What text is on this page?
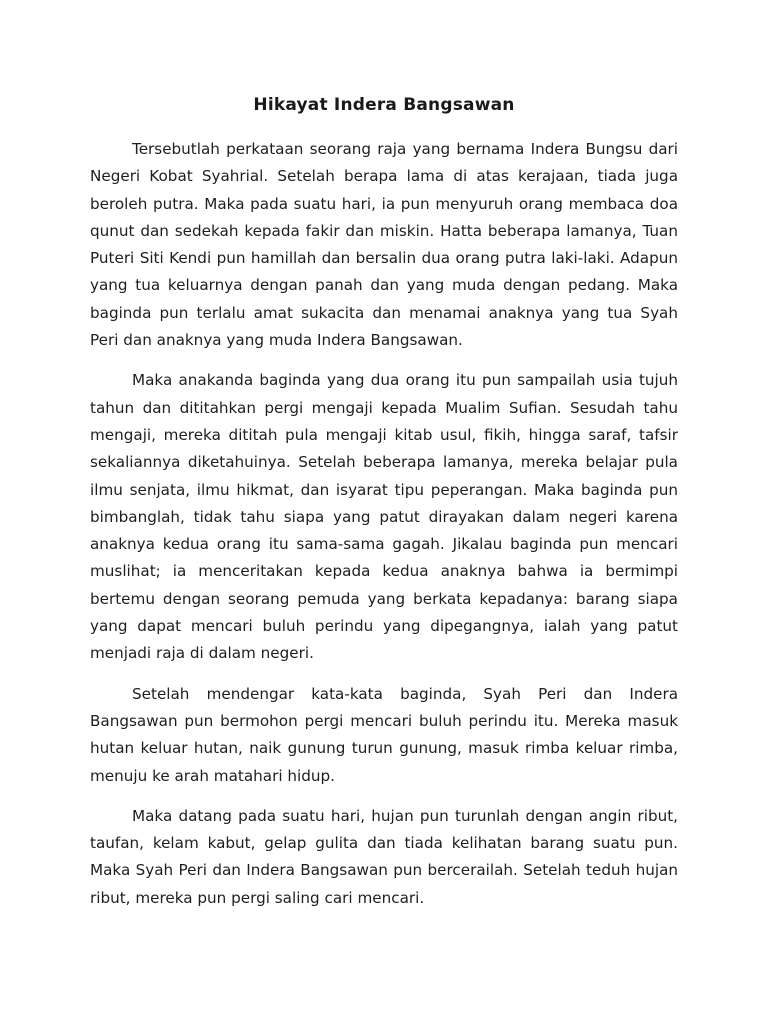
Hikayat Indera Bangsawan

Tersebutlah perkataan seorang raja yang bernama Indera Bungsu dari Negeri Kobat Syahrial. Setelah berapa lama di atas kerajaan, tiada juga beroleh putra. Maka pada suatu hari, ia pun menyuruh orang membaca doa qunut dan sedekah kepada fakir dan miskin. Hatta beberapa lamanya, Tuan Puteri Siti Kendi pun hamillah dan bersalin dua orang putra laki-laki. Adapun yang tua keluarnya dengan panah dan yang muda dengan pedang. Maka baginda pun terlalu amat sukacita dan menamai anaknya yang tua Syah Peri dan anaknya yang muda Indera Bangsawan.

Maka anakanda baginda yang dua orang itu pun sampailah usia tujuh tahun dan dititahkan pergi mengaji kepada Mualim Sufian. Sesudah tahu mengaji, mereka dititah pula mengaji kitab usul, fikih, hingga saraf, tafsir sekaliannya diketahuinya. Setelah beberapa lamanya, mereka belajar pula ilmu senjata, ilmu hikmat, dan isyarat tipu peperangan. Maka baginda pun bimbanglah, tidak tahu siapa yang patut dirayakan dalam negeri karena anaknya kedua orang itu sama-sama gagah. Jikalau baginda pun mencari muslihat; ia menceritakan kepada kedua anaknya bahwa ia bermimpi bertemu dengan seorang pemuda yang berkata kepadanya: barang siapa yang dapat mencari buluh perindu yang dipegangnya, ialah yang patut menjadi raja di dalam negeri.

Setelah mendengar kata-kata baginda, Syah Peri dan Indera Bangsawan pun bermohon pergi mencari buluh perindu itu. Mereka masuk hutan keluar hutan, naik gunung turun gunung, masuk rimba keluar rimba, menuju ke arah matahari hidup.

Maka datang pada suatu hari, hujan pun turunlah dengan angin ribut, taufan, kelam kabut, gelap gulita dan tiada kelihatan barang suatu pun. Maka Syah Peri dan Indera Bangsawan pun bercerailah. Setelah teduh hujan ribut, mereka pun pergi saling cari mencari.
